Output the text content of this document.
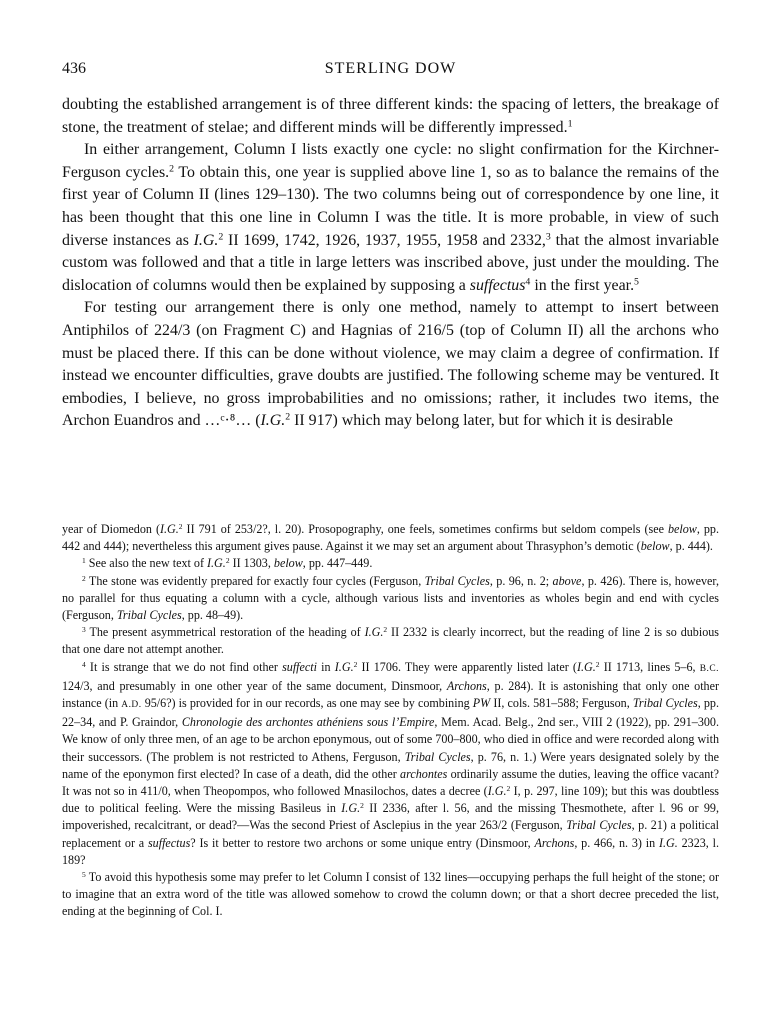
436	STERLING DOW

doubting the established arrangement is of three different kinds: the spacing of letters, the breakage of stone, the treatment of stelae; and different minds will be differently impressed.$^1$

In either arrangement, Column I lists exactly one cycle: no slight confirmation for the Kirchner-Ferguson cycles.$^2$ To obtain this, one year is supplied above line 1, so as to balance the remains of the first year of Column II (lines 129–130). The two columns being out of correspondence by one line, it has been thought that this one line in Column I was the title. It is more probable, in view of such diverse instances as I.G.$^2$ II 1699, 1742, 1926, 1937, 1955, 1958 and 2332,$^3$ that the almost invariable custom was followed and that a title in large letters was inscribed above, just under the moulding. The dislocation of columns would then be explained by supposing a suffectus$^4$ in the first year.$^5$

For testing our arrangement there is only one method, namely to attempt to insert between Antiphilos of 224/3 (on Fragment C) and Hagnias of 216/5 (top of Column II) all the archons who must be placed there. If this can be done without violence, we may claim a degree of confirmation. If instead we encounter difficulties, grave doubts are justified. The following scheme may be ventured. It embodies, I believe, no gross improbabilities and no omissions; rather, it includes two items, the Archon Euandros and …ᶜ·⁸… (I.G.$^2$ II 917) which may belong later, but for which it is desirable

year of Diomedon (I.G.$^2$ II 791 of 253/2?, l. 20). Prosopography, one feels, sometimes confirms but seldom compels (see below, pp. 442 and 444); nevertheless this argument gives pause. Against it we may set an argument about Thrasyphon’s demotic (below, p. 444).

$^1$ See also the new text of I.G.$^2$ II 1303, below, pp. 447–449.

$^2$ The stone was evidently prepared for exactly four cycles (Ferguson, Tribal Cycles, p. 96, n. 2; above, p. 426). There is, however, no parallel for thus equating a column with a cycle, although various lists and inventories as wholes begin and end with cycles (Ferguson, Tribal Cycles, pp. 48–49).

$^3$ The present asymmetrical restoration of the heading of I.G.$^2$ II 2332 is clearly incorrect, but the reading of line 2 is so dubious that one dare not attempt another.

$^4$ It is strange that we do not find other suffecti in I.G.$^2$ II 1706. They were apparently listed later (I.G.$^2$ II 1713, lines 5–6, B.C. 124/3, and presumably in one other year of the same document, Dinsmoor, Archons, p. 284). It is astonishing that only one other instance (in A.D. 95/6?) is provided for in our records, as one may see by combining PW II, cols. 581–588; Ferguson, Tribal Cycles, pp. 22–34, and P. Graindor, Chronologie des archontes athéniens sous l’Empire, Mem. Acad. Belg., 2nd ser., VIII 2 (1922), pp. 291–300. We know of only three men, of an age to be archon eponymous, out of some 700–800, who died in office and were recorded along with their successors. (The problem is not restricted to Athens, Ferguson, Tribal Cycles, p. 76, n. 1.) Were years designated solely by the name of the eponymon first elected? In case of a death, did the other archontes ordinarily assume the duties, leaving the office vacant? It was not so in 411/0, when Theopompos, who followed Mnasilochos, dates a decree (I.G.$^2$ I, p. 297, line 109); but this was doubtless due to political feeling. Were the missing Basileus in I.G.$^2$ II 2336, after l. 56, and the missing Thesmothete, after l. 96 or 99, impoverished, recalcitrant, or dead?—Was the second Priest of Asclepius in the year 263/2 (Ferguson, Tribal Cycles, p. 21) a political replacement or a suffectus? Is it better to restore two archons or some unique entry (Dinsmoor, Archons, p. 466, n. 3) in I.G. 2323, l. 189?

$^5$ To avoid this hypothesis some may prefer to let Column I consist of 132 lines—occupying perhaps the full height of the stone; or to imagine that an extra word of the title was allowed somehow to crowd the column down; or that a short decree preceded the list, ending at the beginning of Col. I.
